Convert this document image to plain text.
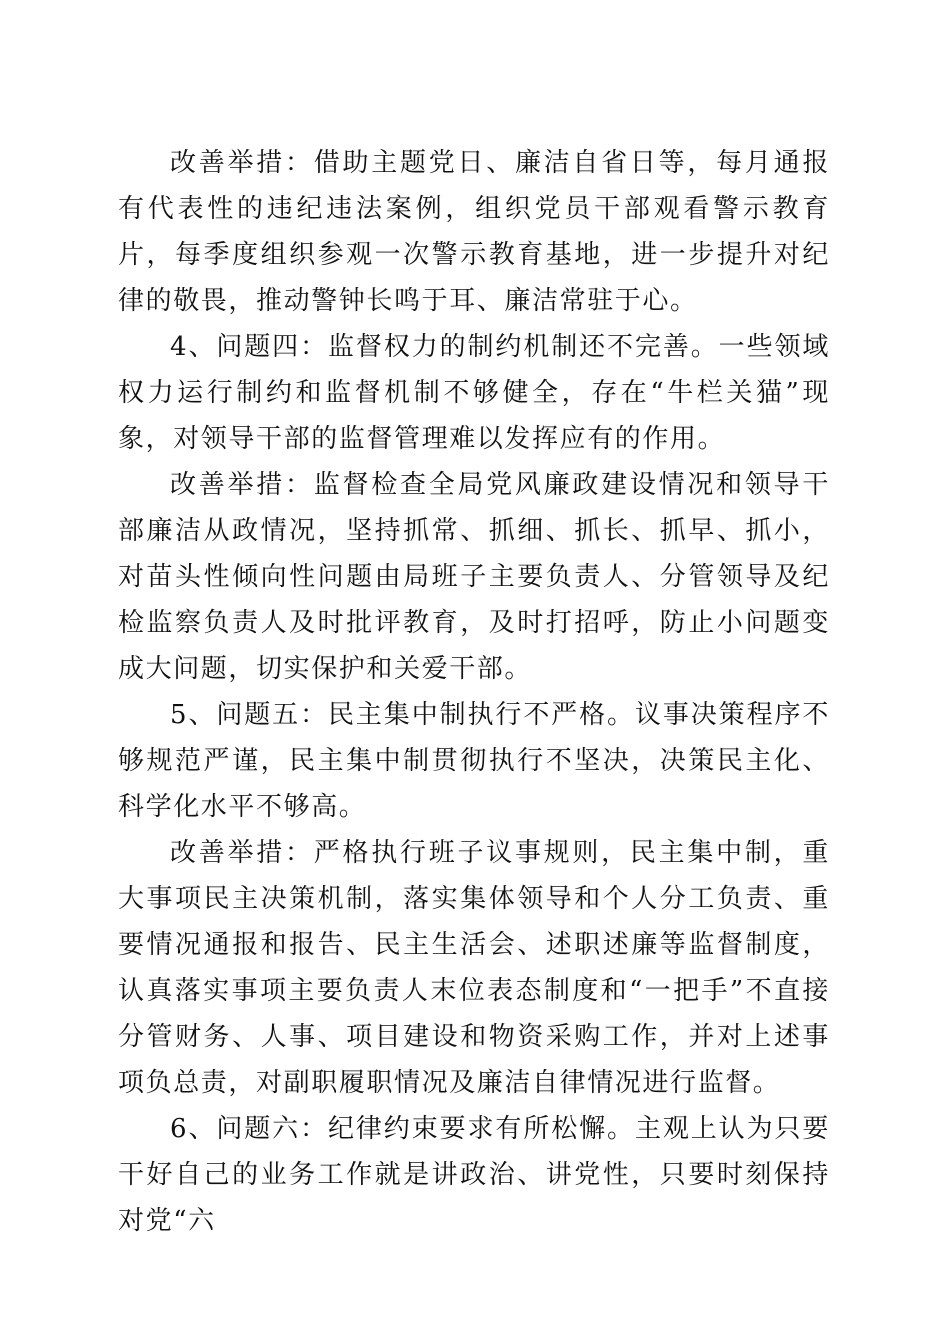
改善举措：借助主题党日、廉洁自省日等，每月通报有代表性的违纪违法案例，组织党员干部观看警示教育片，每季度组织参观一次警示教育基地，进一步提升对纪律的敬畏，推动警钟长鸣于耳、廉洁常驻于心。

4、问题四：监督权力的制约机制还不完善。一些领域权力运行制约和监督机制不够健全，存在“牛栏关猫”现象，对领导干部的监督管理难以发挥应有的作用。

改善举措：监督检查全局党风廉政建设情况和领导干部廉洁从政情况，坚持抓常、抓细、抓长、抓早、抓小，对苗头性倾向性问题由局班子主要负责人、分管领导及纪检监察负责人及时批评教育，及时打招呼，防止小问题变成大问题，切实保护和关爱干部。

5、问题五：民主集中制执行不严格。议事决策程序不够规范严谨，民主集中制贯彻执行不坚决，决策民主化、科学化水平不够高。

改善举措：严格执行班子议事规则，民主集中制，重大事项民主决策机制，落实集体领导和个人分工负责、重要情况通报和报告、民主生活会、述职述廉等监督制度，认真落实事项主要负责人末位表态制度和“一把手”不直接分管财务、人事、项目建设和物资采购工作，并对上述事项负总责，对副职履职情况及廉洁自律情况进行监督。

6、问题六：纪律约束要求有所松懈。主观上认为只要干好自己的业务工作就是讲政治、讲党性，只要时刻保持对党“六
